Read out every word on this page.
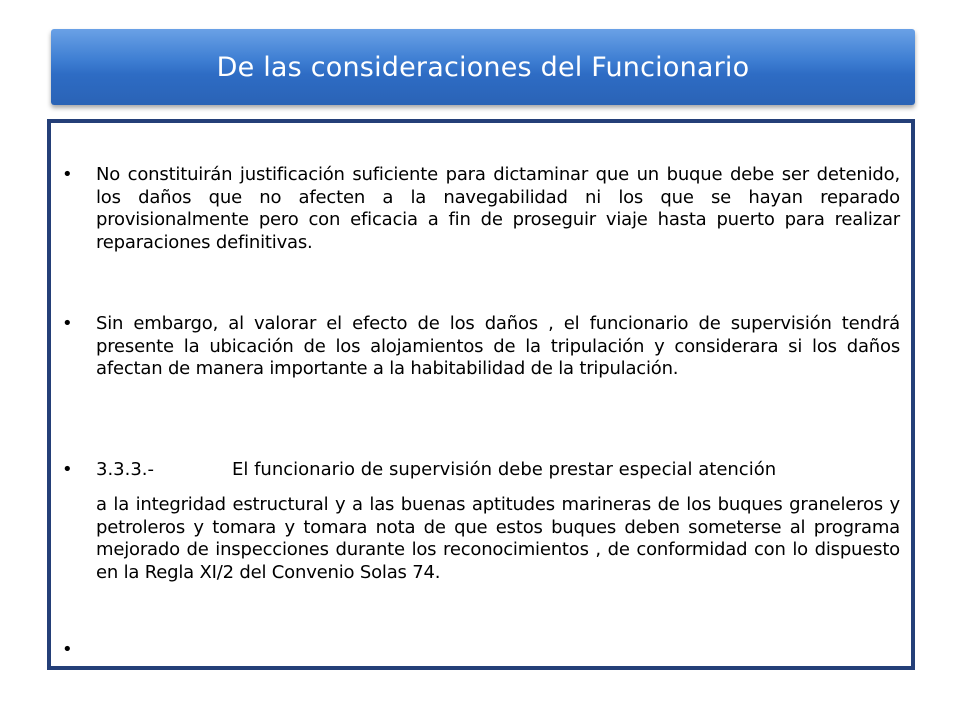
De las consideraciones del Funcionario
• No constituirán justificación suficiente para dictaminar que un buque debe ser detenido, los daños que no afecten a la navegabilidad ni los que se hayan reparado provisionalmente pero con eficacia a fin de proseguir viaje hasta puerto para realizar reparaciones definitivas.
• Sin embargo, al valorar el efecto de los daños , el funcionario de supervisión tendrá presente la ubicación de los alojamientos de la tripulación y considerara si los daños afectan de manera importante a la habitabilidad de la tripulación.
• 3.3.3.-	El funcionario de supervisión debe prestar especial atención
a la integridad estructural y a las buenas aptitudes marineras de los buques graneleros y petroleros y tomara y tomara nota de que estos buques deben someterse al programa mejorado de inspecciones durante los reconocimientos , de conformidad con lo dispuesto en la Regla XI/2 del Convenio Solas 74.
•
